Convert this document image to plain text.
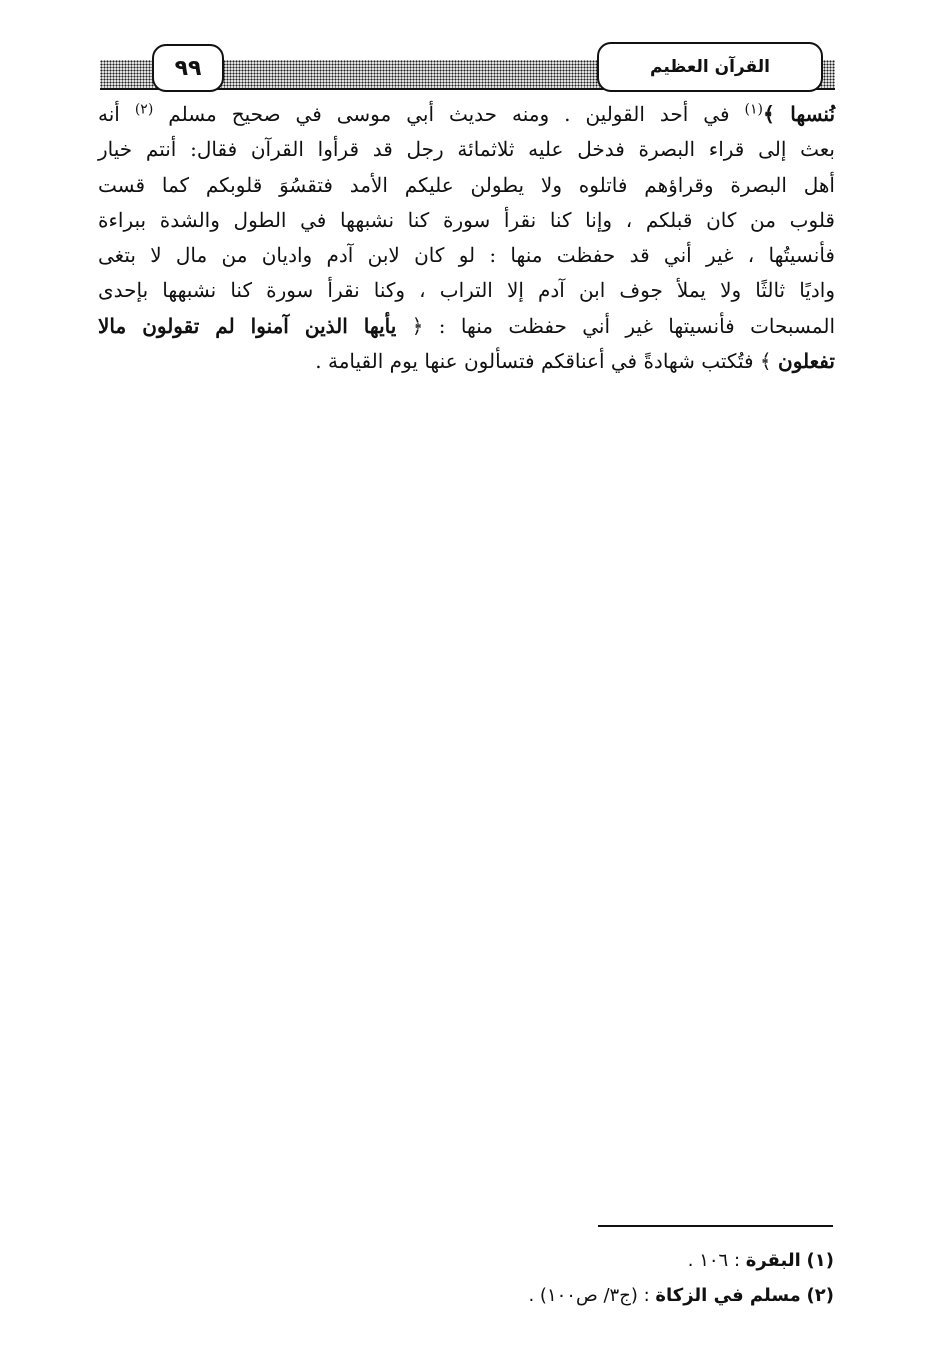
٩٩	القرآن العظيم
نُنسها ﴾$^{(١)}$ في أحد القولين . ومنه حديث أبي موسى في صحيح مسلم $^{(٢)}$ أنه
بعث إلى قراء البصرة فدخل عليه ثلاثمائة رجل قد قرأوا القرآن فقال: أنتم خيار
أهل البصرة وقراؤهم فاتلوه ولا يطولن عليكم الأمد فتقسُوَ قلوبكم كما قست
قلوب من كان قبلكم ، وإنا كنا نقرأ سورة كنا نشبهها في الطول والشدة ببراءة
فأنسيتُها ، غير أني قد حفظت منها : لو كان لابن آدم واديان من مال لا بتغى
واديًا ثالثًا ولا يملأ جوف ابن آدم إلا التراب ، وكنا نقرأ سورة كنا نشبهها بإحدى
المسبحات فأنسيتها غير أني حفظت منها : ﴿ يأيها الذين آمنوا لم تقولون مالا
تفعلون ﴾ فتُكتب شهادةً في أعناقكم فتسألون عنها يوم القيامة .
(١) البقرة : ١٠٦ .
(٢) مسلم في الزكاة : (ج٣/ ص١٠٠) .
